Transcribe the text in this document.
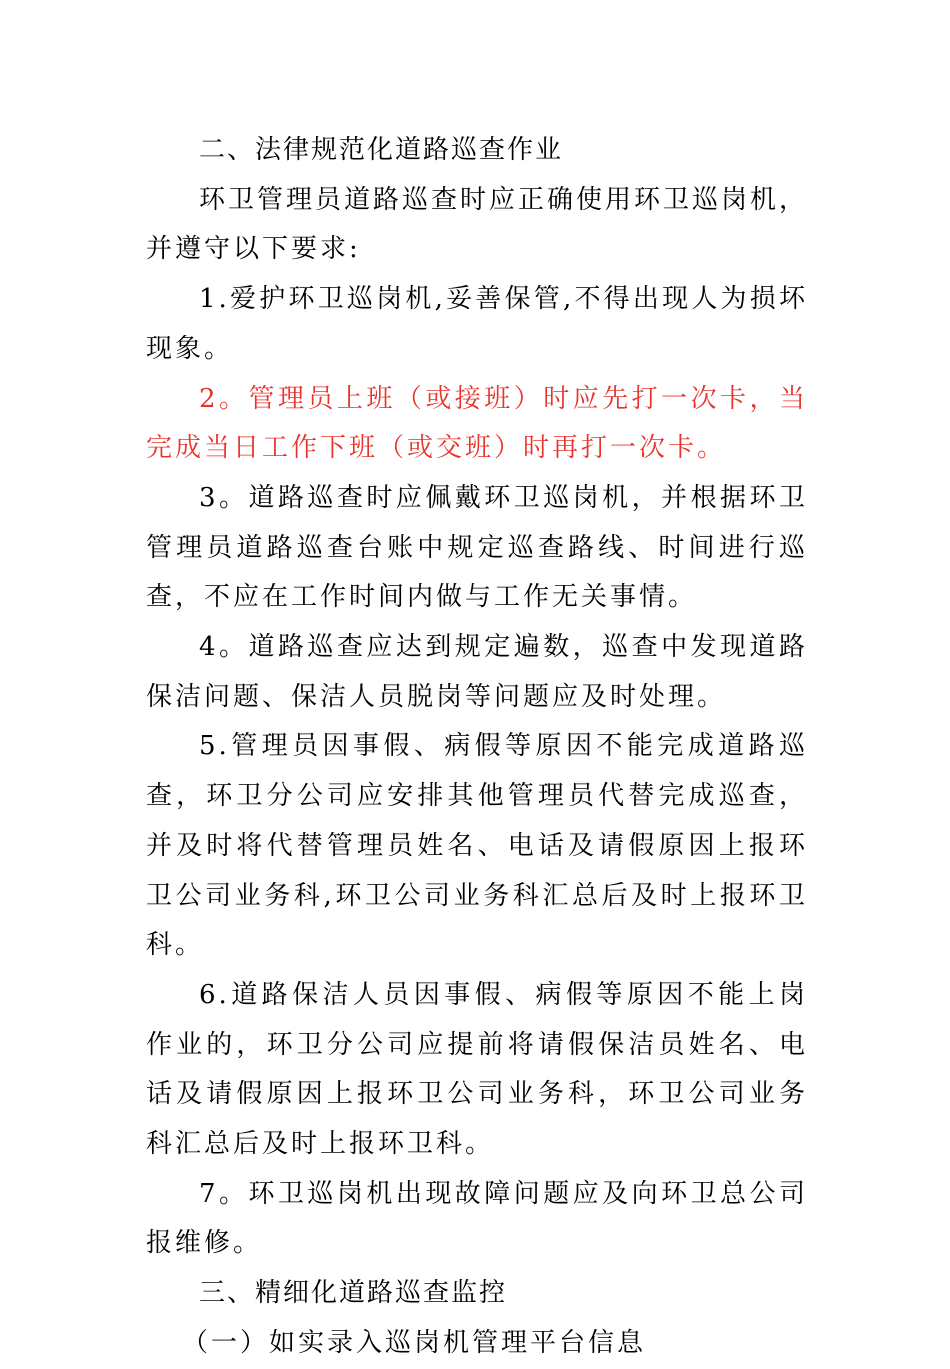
二、法律规范化道路巡查作业

环卫管理员道路巡查时应正确使用环卫巡岗机，并遵守以下要求:

1.爱护环卫巡岗机,妥善保管,不得出现人为损坏现象。

2。管理员上班（或接班）时应先打一次卡，当完成当日工作下班（或交班）时再打一次卡。

3。道路巡查时应佩戴环卫巡岗机，并根据环卫管理员道路巡查台账中规定巡查路线、时间进行巡查，不应在工作时间内做与工作无关事情。

4。道路巡查应达到规定遍数，巡查中发现道路保洁问题、保洁人员脱岗等问题应及时处理。

5.管理员因事假、病假等原因不能完成道路巡查，环卫分公司应安排其他管理员代替完成巡查，并及时将代替管理员姓名、电话及请假原因上报环卫公司业务科,环卫公司业务科汇总后及时上报环卫科。

6.道路保洁人员因事假、病假等原因不能上岗作业的，环卫分公司应提前将请假保洁员姓名、电话及请假原因上报环卫公司业务科，环卫公司业务科汇总后及时上报环卫科。

7。环卫巡岗机出现故障问题应及向环卫总公司报维修。

三、精细化道路巡查监控

（一）如实录入巡岗机管理平台信息
